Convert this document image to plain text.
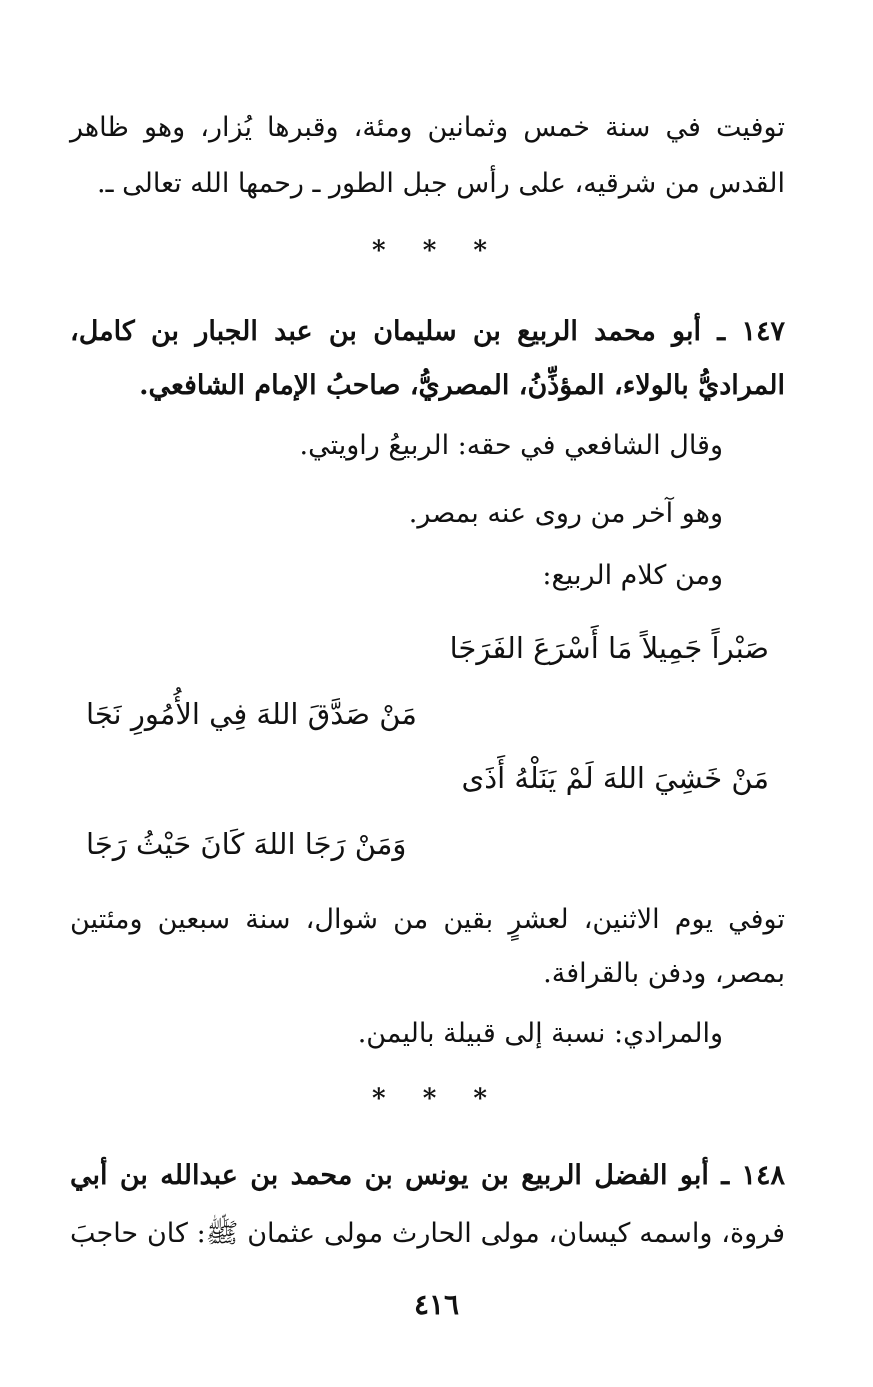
توفيت في سنة خمس وثمانين ومئة، وقبرها يُزار، وهو ظاهر
القدس من شرقيه، على رأس جبل الطور ـ رحمها الله تعالى ـ.
* * *
١٤٧ ـ أبو محمد الربيع بن سليمان بن عبد الجبار بن كامل،
المراديُّ بالولاء، المؤذِّنُ، المصريُّ، صاحبُ الإمام الشافعي.
وقال الشافعي في حقه: الربيعُ راويتي.
وهو آخر من روى عنه بمصر.
ومن كلام الربيع:
صَبْراً جَمِيلاً مَا أَسْرَعَ الفَرَجَا
مَنْ صَدَّقَ اللهَ فِي الأُمُورِ نَجَا
مَنْ خَشِيَ اللهَ لَمْ يَنَلْهُ أَذَى
وَمَنْ رَجَا اللهَ كَانَ حَيْثُ رَجَا
توفي يوم الاثنين، لعشرٍ بقين من شوال، سنة سبعين ومئتين
بمصر، ودفن بالقرافة.
والمرادي: نسبة إلى قبيلة باليمن.
* * *
١٤٨ ـ أبو الفضل الربيع بن يونس بن محمد بن عبدالله بن أبي
فروة، واسمه كيسان، مولى الحارث مولى عثمان ﷺ: كان حاجبَ
٤١٦
